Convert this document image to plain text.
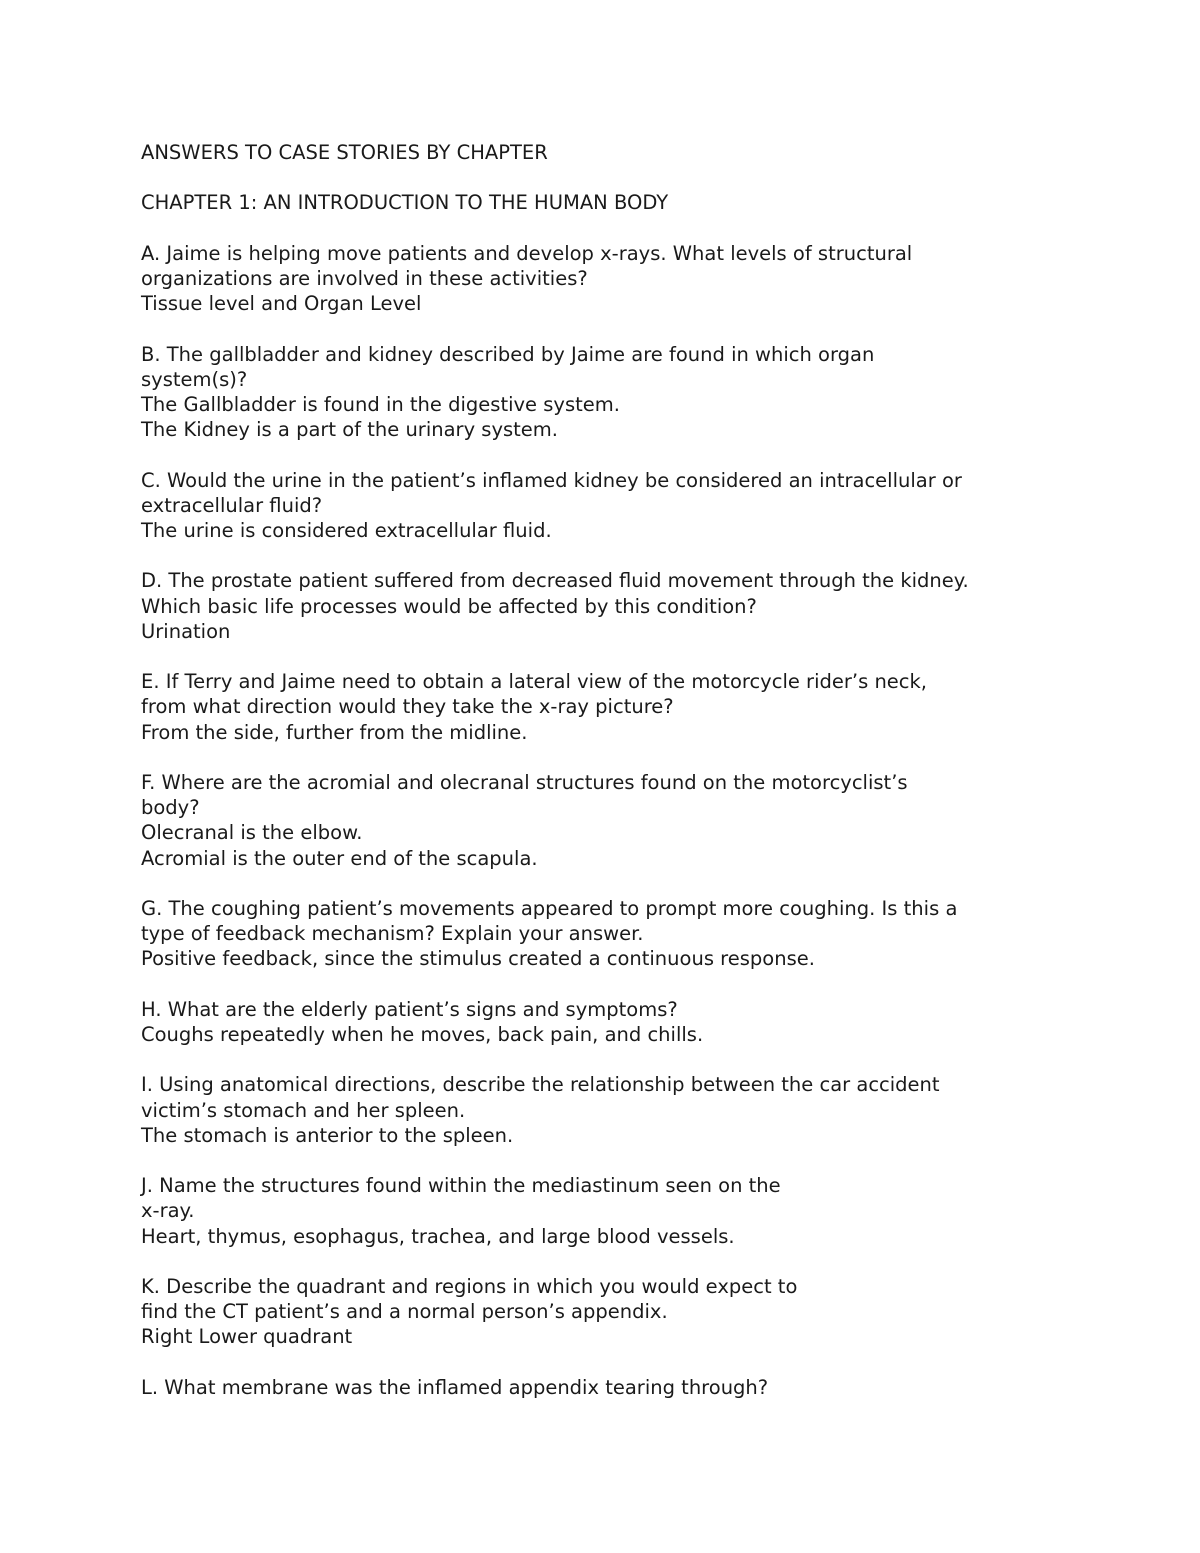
ANSWERS TO CASE STORIES BY CHAPTER
CHAPTER 1: AN INTRODUCTION TO THE HUMAN BODY
A. Jaime is helping move patients and develop x-rays. What levels of structural
organizations are involved in these activities?
Tissue level and Organ Level
B. The gallbladder and kidney described by Jaime are found in which organ
system(s)?
The Gallbladder is found in the digestive system.
The Kidney is a part of the urinary system.
C. Would the urine in the patient’s inflamed kidney be considered an intracellular or
extracellular fluid?
The urine is considered extracellular fluid.
D. The prostate patient suffered from decreased fluid movement through the kidney.
Which basic life processes would be affected by this condition?
Urination
E. If Terry and Jaime need to obtain a lateral view of the motorcycle rider’s neck,
from what direction would they take the x-ray picture?
From the side, further from the midline.
F. Where are the acromial and olecranal structures found on the motorcyclist’s
body?
Olecranal is the elbow.
Acromial is the outer end of the scapula.
G. The coughing patient’s movements appeared to prompt more coughing. Is this a
type of feedback mechanism? Explain your answer.
Positive feedback, since the stimulus created a continuous response.
H. What are the elderly patient’s signs and symptoms?
Coughs repeatedly when he moves, back pain, and chills.
I. Using anatomical directions, describe the relationship between the car accident
victim’s stomach and her spleen.
The stomach is anterior to the spleen.
J. Name the structures found within the mediastinum seen on the
x-ray.
Heart, thymus, esophagus, trachea, and large blood vessels.
K. Describe the quadrant and regions in which you would expect to
find the CT patient’s and a normal person’s appendix.
Right Lower quadrant
L. What membrane was the inflamed appendix tearing through?
